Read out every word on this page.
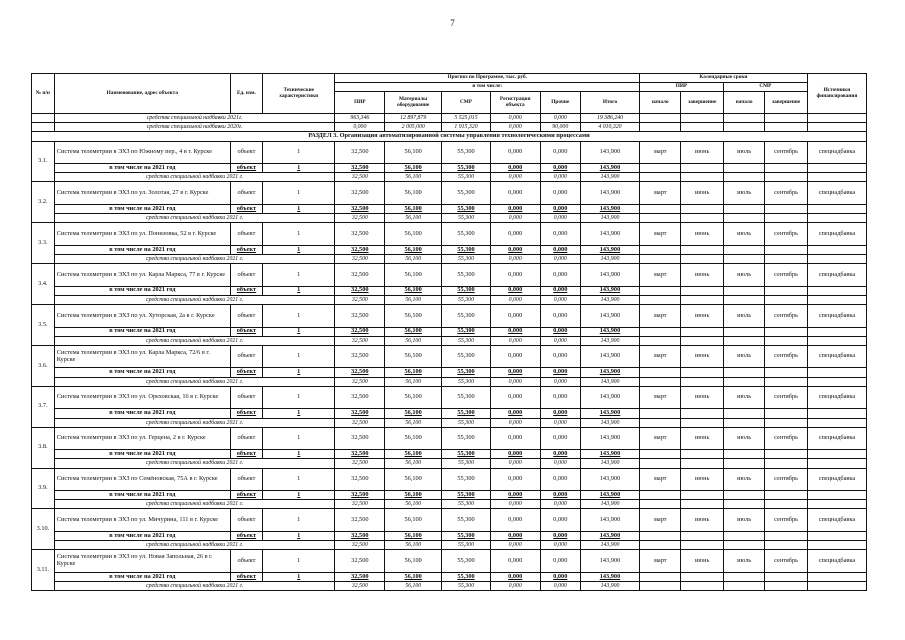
7
№ п/п	Наименование, адрес объекта	Ед. изм.	Технические характеристики	Прогноз по Программе, тыс. руб.						Календарные сроки				Источники финансирования
				в том числе:						ПИР		СМР		
				ПИР	Материалы оборудование	СМР	Регистрация объекта	Прочие	Итого	начало	завершение	начало	завершение	
	средства специальной надбавки 2021г.			963,346	12 897,879	5 525,015	0,000	0,000	19 386,240					
	средства специальной надбавки 2020г.			0,000	2 005,000	1 915,320	0,000	90,000	4 010,320					
РАЗДЕЛ 3. Организация автоматизированной системы управления технологическими процессами														
3.1.	Система телеметрии в ЭХЗ по Южному пер., 4 в г. Курске	объект	1	32,500	56,100	55,300	0,000	0,000	143,900	март	июнь	июль	сентябрь	спецнадбавка
	в том числе на 2021 год	объект	1	32,500	56,100	55,300	0,000	0,000	143,900					
	средства специальной надбавки 2021 г.			32,500	56,100	55,300	0,000	0,000	143,900					
3.2.	Система телеметрии в ЭХЗ по ул. Золотая, 27 в г. Курске	объект	1	32,500	56,100	55,300	0,000	0,000	143,900	март	июнь	июль	сентябрь	спецнадбавка
	в том числе на 2021 год	объект	1	32,500	56,100	55,300	0,000	0,000	143,900					
	средства специальной надбавки 2021 г.			32,500	56,100	55,300	0,000	0,000	143,900					
3.3.	Система телеметрии в ЭХЗ по ул. Понизовка, 52 в г. Курске	объект	1	32,500	56,100	55,300	0,000	0,000	143,900	март	июнь	июль	сентябрь	спецнадбавка
	в том числе на 2021 год	объект	1	32,500	56,100	55,300	0,000	0,000	143,900					
	средства специальной надбавки 2021 г.			32,500	56,100	55,300	0,000	0,000	143,900					
3.4.	Система телеметрии в ЭХЗ по ул. Карла Маркса, 77 в г. Курске	объект	1	32,500	56,100	55,300	0,000	0,000	143,900	март	июнь	июль	сентябрь	спецнадбавка
	в том числе на 2021 год	объект	1	32,500	56,100	55,300	0,000	0,000	143,900					
	средства специальной надбавки 2021 г.			32,500	56,100	55,300	0,000	0,000	143,900					
3.5.	Система телеметрии в ЭХЗ по ул. Хуторская, 2а в г. Курске	объект	1	32,500	56,100	55,300	0,000	0,000	143,900	март	июнь	июль	сентябрь	спецнадбавка
	в том числе на 2021 год	объект	1	32,500	56,100	55,300	0,000	0,000	143,900					
	средства специальной надбавки 2021 г.			32,500	56,100	55,300	0,000	0,000	143,900					
3.6.	Система телеметрии в ЭХЗ по ул. Карла Маркса, 72/6 в г. Курске	объект	1	32,500	56,100	55,300	0,000	0,000	143,900	март	июнь	июль	сентябрь	спецнадбавка
	в том числе на 2021 год	объект	1	32,500	56,100	55,300	0,000	0,000	143,900					
	средства специальной надбавки 2021 г.			32,500	56,100	55,300	0,000	0,000	143,900					
3.7.	Система телеметрии в ЭХЗ по ул. Ореховская, 16 в г. Курске	объект	1	32,500	56,100	55,300	0,000	0,000	143,900	март	июнь	июль	сентябрь	спецнадбавка
	в том числе на 2021 год	объект	1	32,500	56,100	55,300	0,000	0,000	143,900					
	средства специальной надбавки 2021 г.			32,500	56,100	55,300	0,000	0,000	143,900					
3.8.	Система телеметрии в ЭХЗ по ул. Герцена, 2 в г. Курске	объект	1	32,500	56,100	55,300	0,000	0,000	143,900	март	июнь	июль	сентябрь	спецнадбавка
	в том числе на 2021 год	объект	1	32,500	56,100	55,300	0,000	0,000	143,900					
	средства специальной надбавки 2021 г.			32,500	56,100	55,300	0,000	0,000	143,900					
3.9.	Система телеметрии в ЭХЗ по Семёновская, 75А в г. Курске	объект	1	32,500	56,100	55,300	0,000	0,000	143,900	март	июнь	июль	сентябрь	спецнадбавка
	в том числе на 2021 год	объект	1	32,500	56,100	55,300	0,000	0,000	143,900					
	средства специальной надбавки 2021 г.			32,500	56,100	55,300	0,000	0,000	143,900					
3.10.	Система телеметрии в ЭХЗ по ул. Мичурина, 111 в г. Курске	объект	1	32,500	56,100	55,300	0,000	0,000	143,900	март	июнь	июль	сентябрь	спецнадбавка
	в том числе на 2021 год	объект	1	32,500	56,100	55,300	0,000	0,000	143,900					
	средства специальной надбавки 2021 г.			32,500	56,100	55,300	0,000	0,000	143,900					
3.11.	Система телеметрии в ЭХЗ по ул. Новая Запольная, 26 в г. Курске	объект	1	32,500	56,100	55,300	0,000	0,000	143,900	март	июнь	июль	сентябрь	спецнадбавка
	в том числе на 2021 год	объект	1	32,500	56,100	55,300	0,000	0,000	143,900					
	средства специальной надбавки 2021 г.			32,500	56,100	55,300	0,000	0,000	143,900					
